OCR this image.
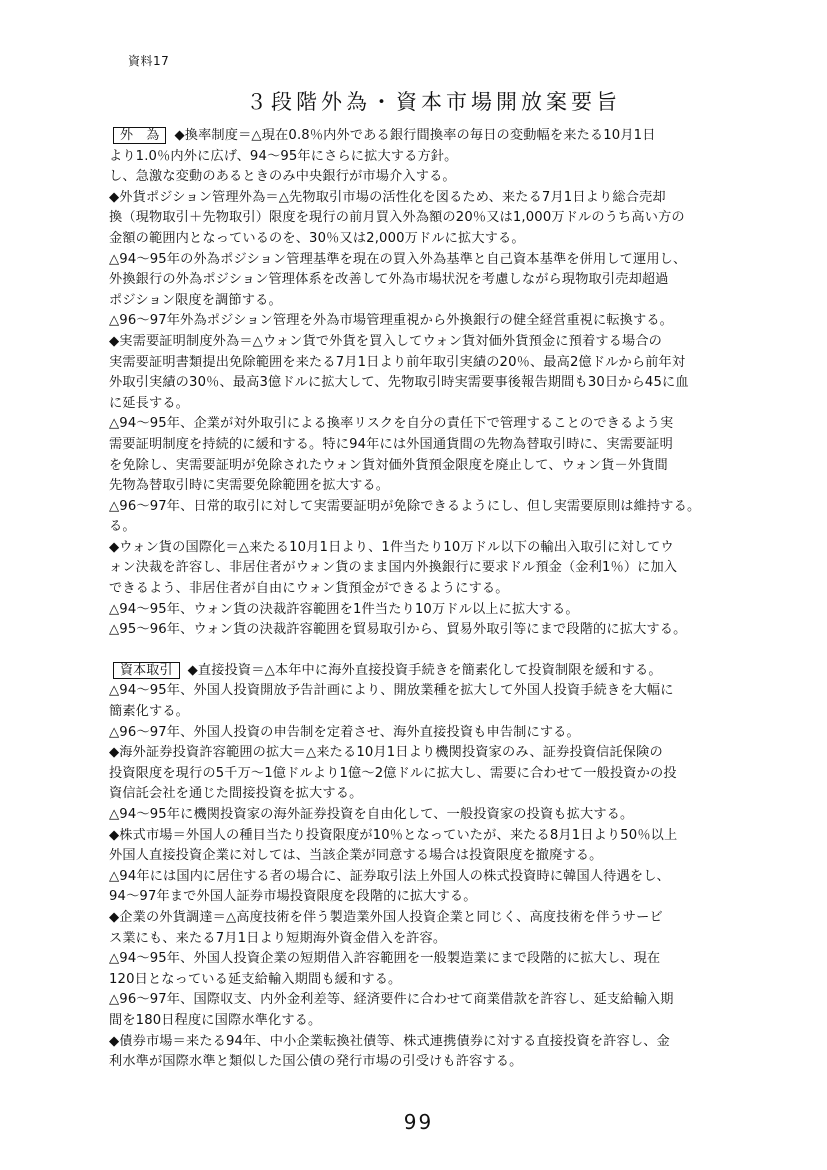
資料17
３段階外為・資本市場開放案要旨
外　為 ◆換率制度＝△現在0.8％内外である銀行間換率の毎日の変動幅を来たる10月1日
より1.0％内外に広げ、94～95年にさらに拡大する方針。
し、急激な変動のあるときのみ中央銀行が市場介入する。
◆外貨ポジション管理外為＝△先物取引市場の活性化を図るため、来たる7月1日より総合売却
換（現物取引＋先物取引）限度を現行の前月買入外為額の20％又は1,000万ドルのうち高い方の
金額の範囲内となっているのを、30％又は2,000万ドルに拡大する。
△94～95年の外為ポジション管理基準を現在の買入外為基準と自己資本基準を併用して運用し、
外換銀行の外為ポジション管理体系を改善して外為市場状況を考慮しながら現物取引売却超過
ポジション限度を調節する。
△96～97年外為ポジション管理を外為市場管理重視から外換銀行の健全経営重視に転換する。
◆実需要証明制度外為＝△ウォン貨で外貨を買入してウォン貨対価外貨預金に預着する場合の
実需要証明書類提出免除範囲を来たる7月1日より前年取引実績の20％、最高2億ドルから前年対
外取引実績の30％、最高3億ドルに拡大して、先物取引時実需要事後報告期間も30日から45に血
に延長する。
△94～95年、企業が対外取引による換率リスクを自分の責任下で管理することのできるよう実
需要証明制度を持続的に緩和する。特に94年には外国通貨間の先物為替取引時に、実需要証明
を免除し、実需要証明が免除されたウォン貨対価外貨預金限度を廃止して、ウォン貨－外貨間
先物為替取引時に実需要免除範囲を拡大する。
△96～97年、日常的取引に対して実需要証明が免除できるようにし、但し実需要原則は維持する。
る。
◆ウォン貨の国際化＝△来たる10月1日より、1件当たり10万ドル以下の輸出入取引に対してウ
ォン決裁を許容し、非居住者がウォン貨のまま国内外換銀行に要求ドル預金（金利1％）に加入
できるよう、非居住者が自由にウォン貨預金ができるようにする。
△94～95年、ウォン貨の決裁許容範囲を1件当たり10万ドル以上に拡大する。
△95～96年、ウォン貨の決裁許容範囲を貿易取引から、貿易外取引等にまで段階的に拡大する。
資本取引 ◆直接投資＝△本年中に海外直接投資手続きを簡素化して投資制限を緩和する。
△94～95年、外国人投資開放予告計画により、開放業種を拡大して外国人投資手続きを大幅に
簡素化する。
△96～97年、外国人投資の申告制を定着させ、海外直接投資も申告制にする。
◆海外証券投資許容範囲の拡大＝△来たる10月1日より機関投資家のみ、証券投資信託保険の
投資限度を現行の5千万～1億ドルより1億～2億ドルに拡大し、需要に合わせて一般投資かの投
資信託会社を通じた間接投資を拡大する。
△94～95年に機関投資家の海外証券投資を自由化して、一般投資家の投資も拡大する。
◆株式市場＝外国人の種目当たり投資限度が10％となっていたが、来たる8月1日より50％以上
外国人直接投資企業に対しては、当該企業が同意する場合は投資限度を撤廃する。
△94年には国内に居住する者の場合に、証券取引法上外国人の株式投資時に韓国人待遇をし、
94～97年まで外国人証券市場投資限度を段階的に拡大する。
◆企業の外貨調達＝△高度技術を伴う製造業外国人投資企業と同じく、高度技術を伴うサービ
ス業にも、来たる7月1日より短期海外資金借入を許容。
△94～95年、外国人投資企業の短期借入許容範囲を一般製造業にまで段階的に拡大し、現在
120日となっている延支給輸入期間も緩和する。
△96～97年、国際収支、内外金利差等、経済要件に合わせて商業借款を許容し、延支給輸入期
間を180日程度に国際水準化する。
◆債券市場＝来たる94年、中小企業転換社債等、株式連携債券に対する直接投資を許容し、金
利水準が国際水準と類似した国公債の発行市場の引受けも許容する。
99
